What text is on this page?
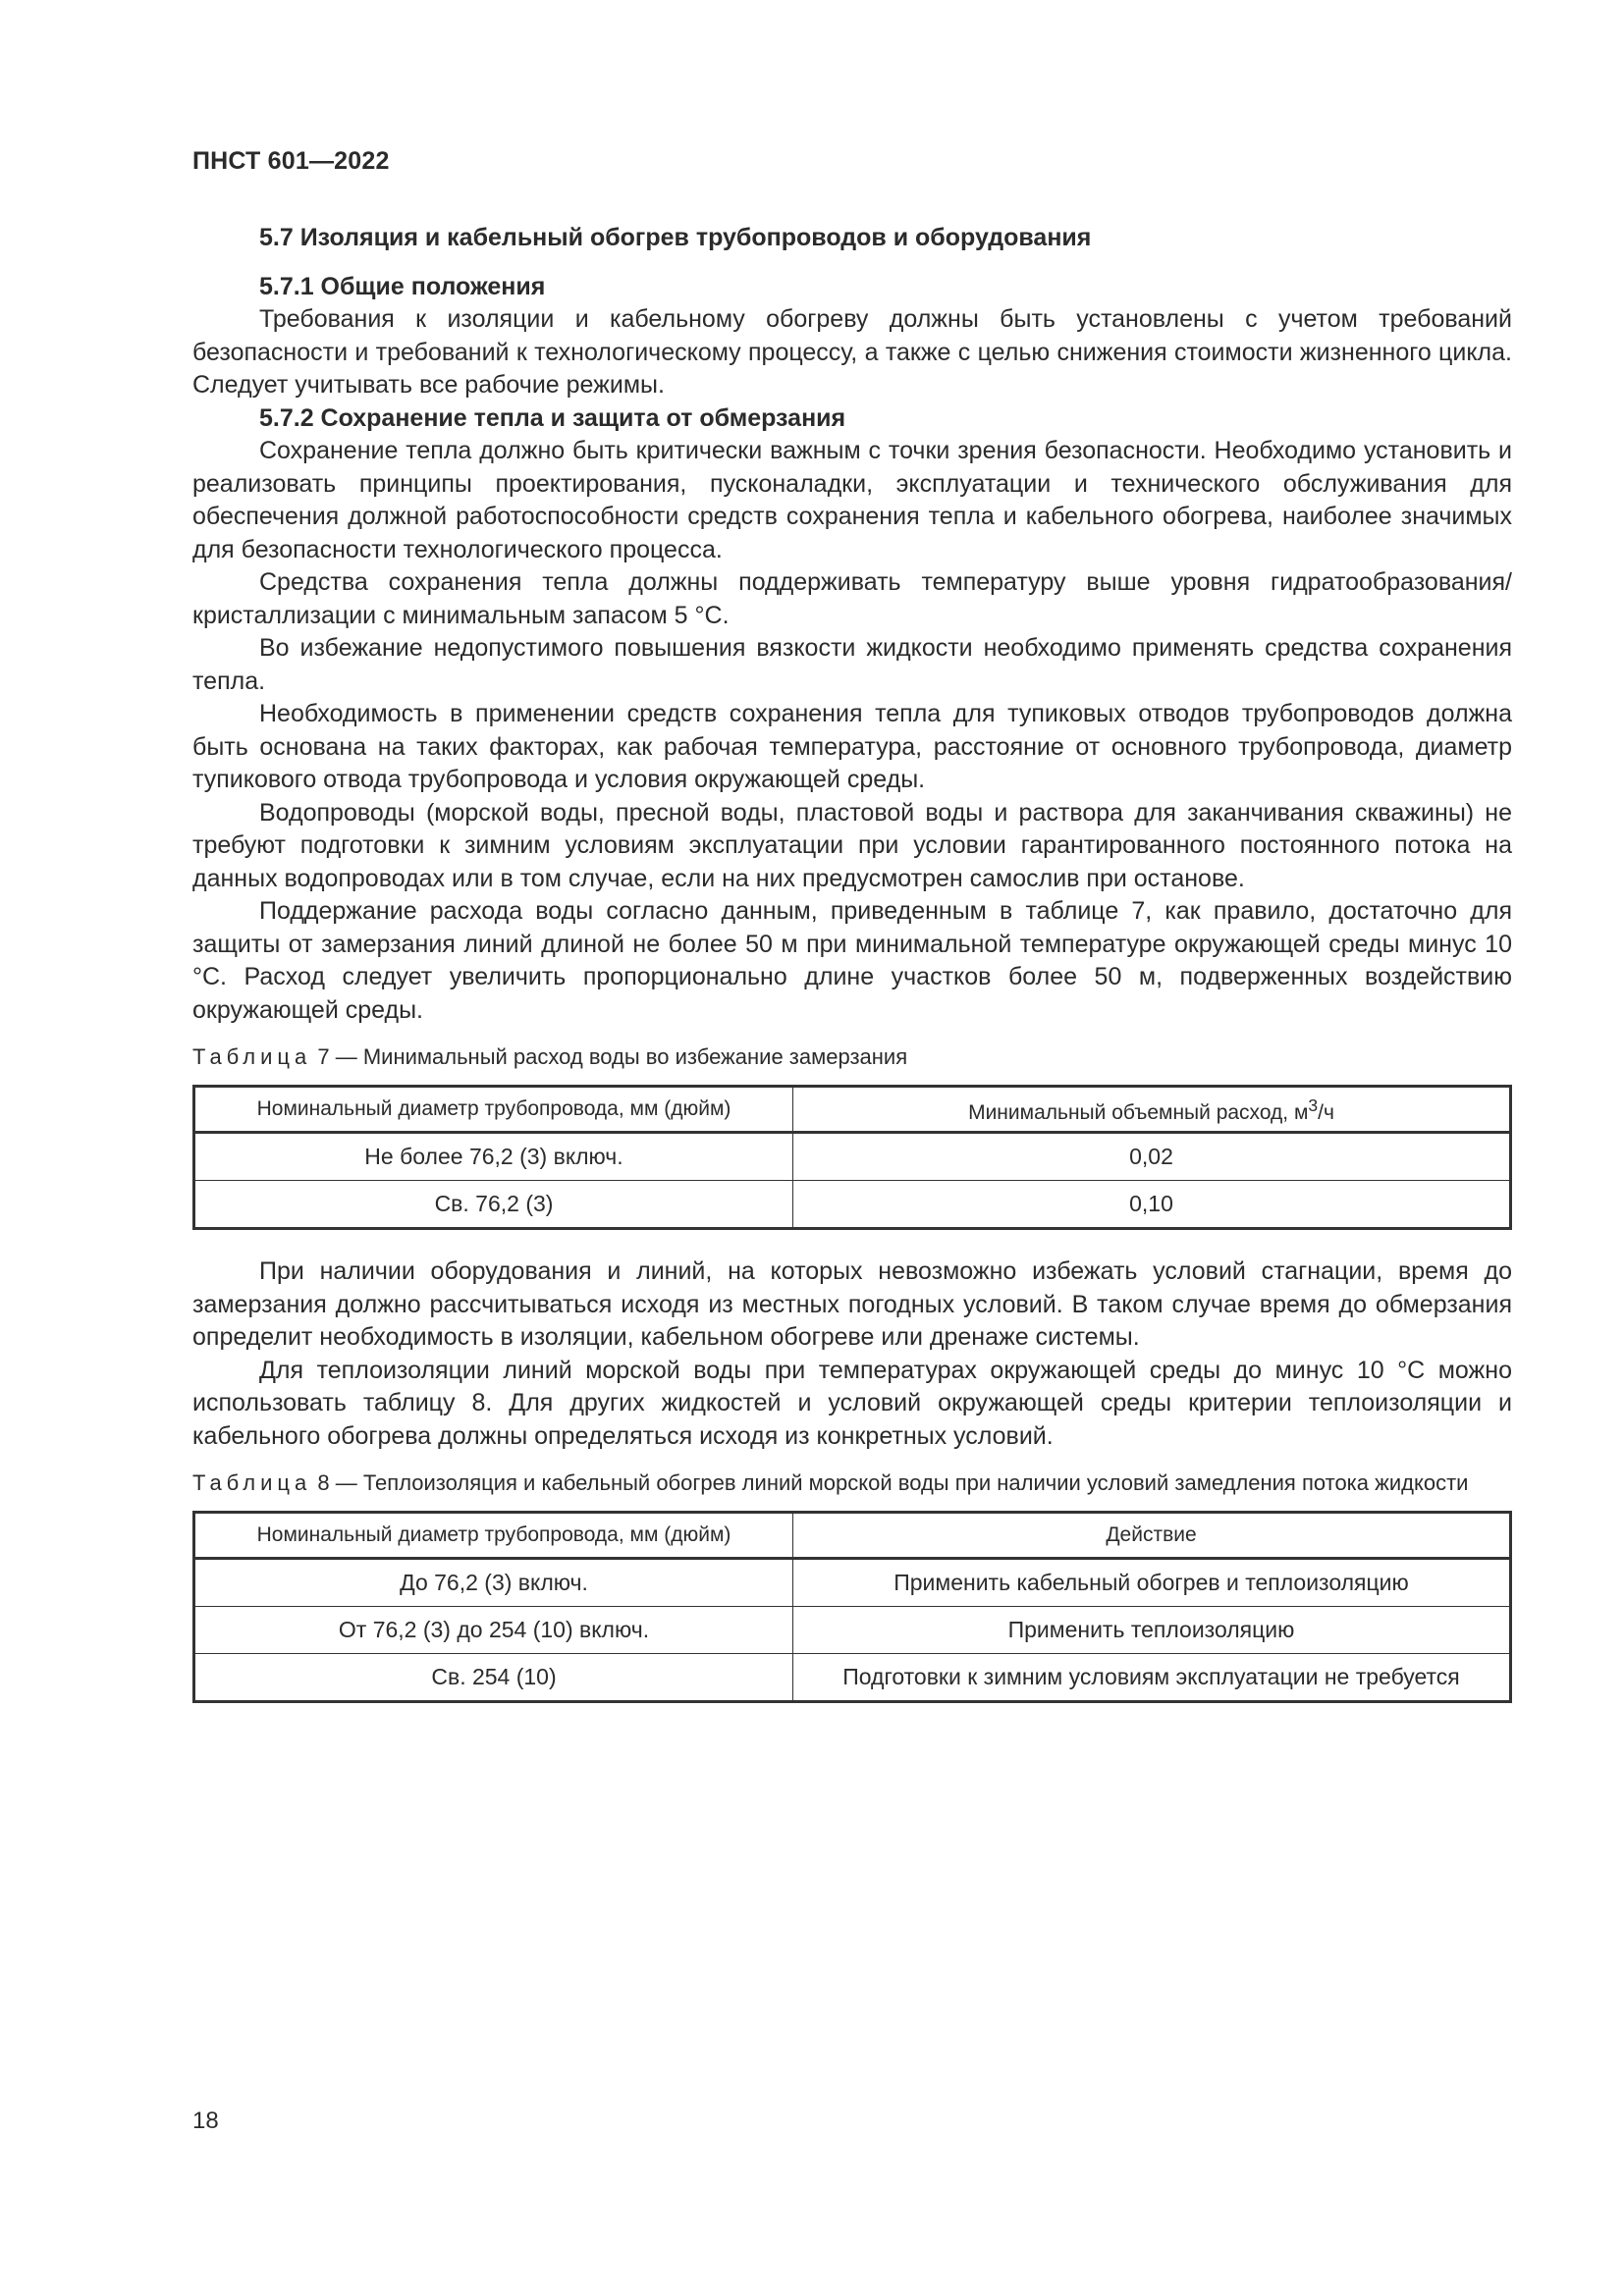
ПНСТ 601—2022

5.7 Изоляция и кабельный обогрев трубопроводов и оборудования

5.7.1 Общие положения

Требования к изоляции и кабельному обогреву должны быть установлены с учетом требований безопасности и требований к технологическому процессу, а также с целью снижения стоимости жизненного цикла. Следует учитывать все рабочие режимы.

5.7.2 Сохранение тепла и защита от обмерзания

Сохранение тепла должно быть критически важным с точки зрения безопасности. Необходимо установить и реализовать принципы проектирования, пусконаладки, эксплуатации и технического обслуживания для обеспечения должной работоспособности средств сохранения тепла и кабельного обогрева, наиболее значимых для безопасности технологического процесса.

Средства сохранения тепла должны поддерживать температуру выше уровня гидратообразования/кристаллизации с минимальным запасом 5 °С.

Во избежание недопустимого повышения вязкости жидкости необходимо применять средства сохранения тепла.

Необходимость в применении средств сохранения тепла для тупиковых отводов трубопроводов должна быть основана на таких факторах, как рабочая температура, расстояние от основного трубопровода, диаметр тупикового отвода трубопровода и условия окружающей среды.

Водопроводы (морской воды, пресной воды, пластовой воды и раствора для заканчивания скважины) не требуют подготовки к зимним условиям эксплуатации при условии гарантированного постоянного потока на данных водопроводах или в том случае, если на них предусмотрен самослив при останове.

Поддержание расхода воды согласно данным, приведенным в таблице 7, как правило, достаточно для защиты от замерзания линий длиной не более 50 м при минимальной температуре окружающей среды минус 10 °С. Расход следует увеличить пропорционально длине участков более 50 м, подверженных воздействию окружающей среды.

Таблица 7 — Минимальный расход воды во избежание замерзания

Номинальный диаметр трубопровода, мм (дюйм)	Минимальный объемный расход, $м^3/ч$
Не более 76,2 (3) включ.	0,02
Св. 76,2 (3)	0,10

При наличии оборудования и линий, на которых невозможно избежать условий стагнации, время до замерзания должно рассчитываться исходя из местных погодных условий. В таком случае время до обмерзания определит необходимость в изоляции, кабельном обогреве или дренаже системы.

Для теплоизоляции линий морской воды при температурах окружающей среды до минус 10 °С можно использовать таблицу 8. Для других жидкостей и условий окружающей среды критерии теплоизоляции и кабельного обогрева должны определяться исходя из конкретных условий.

Таблица 8 — Теплоизоляция и кабельный обогрев линий морской воды при наличии условий замедления потока жидкости

Номинальный диаметр трубопровода, мм (дюйм)	Действие
До 76,2 (3) включ.	Применить кабельный обогрев и теплоизоляцию
От 76,2 (3) до 254 (10) включ.	Применить теплоизоляцию
Св. 254 (10)	Подготовки к зимним условиям эксплуатации не требуется
18
